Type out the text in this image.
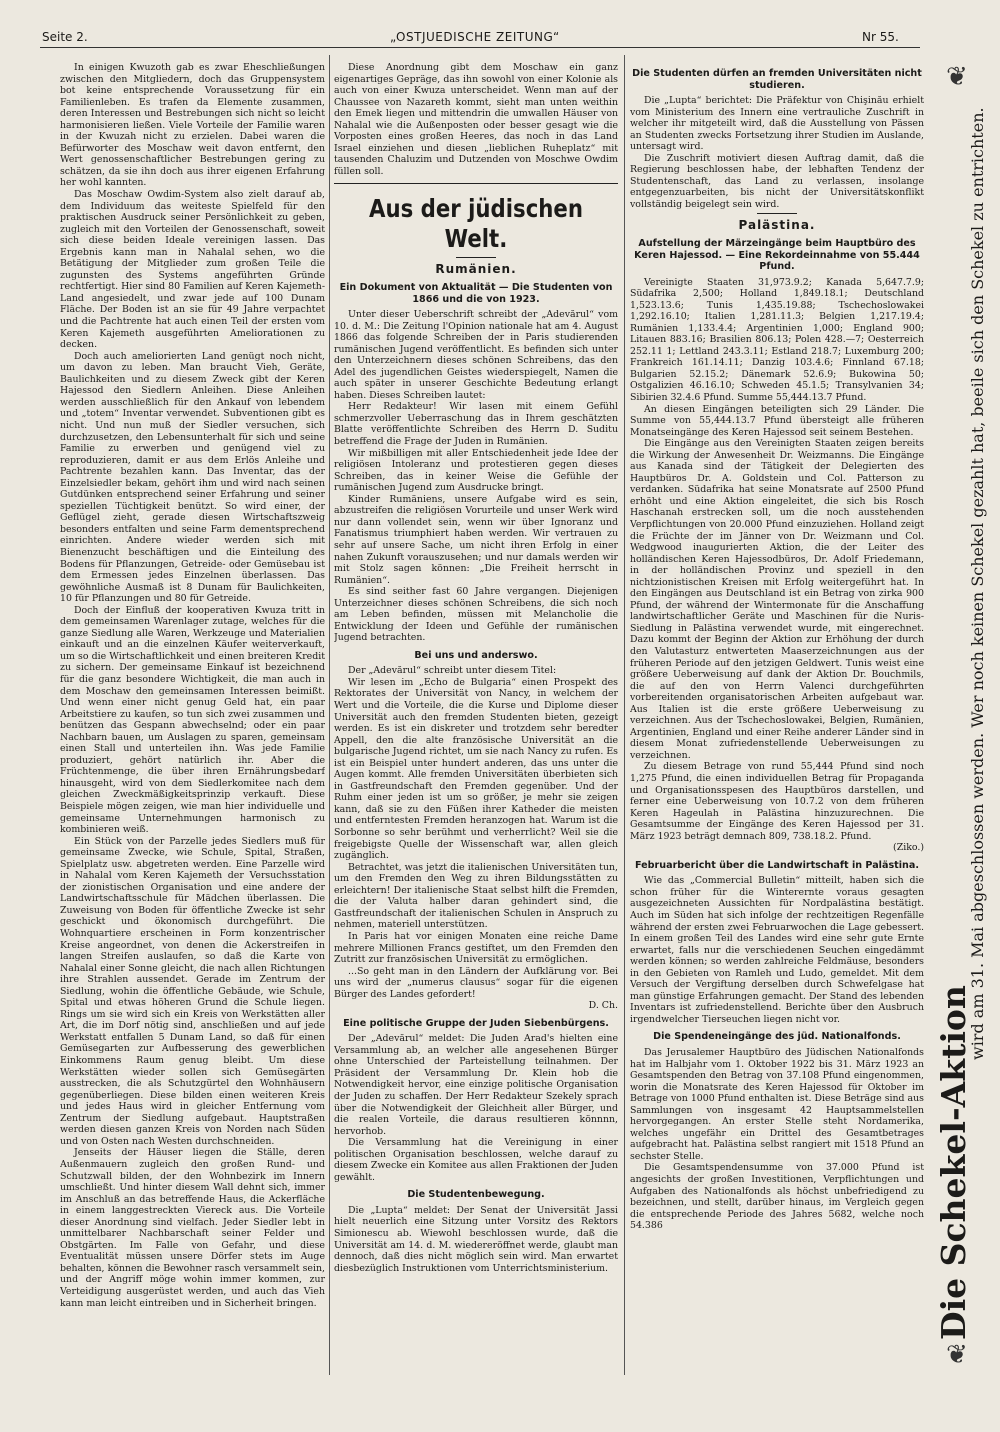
Seite 2.	„OSTJUEDISCHE ZEITUNG“	Nr 55.

In einigen Kwuzoth gab es zwar Eheschließungen zwischen den Mitgliedern, doch das Gruppensystem bot keine entsprechende Voraussetzung für ein Familienleben. Es trafen da Elemente zusammen, deren Interessen und Bestrebungen sich nicht so leicht harmonisieren ließen. Viele Vorteile der Familie waren in der Kwuzah nicht zu erzielen. Dabei waren die Befürworter des Moschaw weit davon entfernt, den Wert genossenschaftlicher Bestrebungen gering zu schätzen, da sie ihn doch aus ihrer eigenen Erfahrung her wohl kannten.

Das Moschaw Owdim-System also zielt darauf ab, dem Individuum das weiteste Spielfeld für den praktischen Ausdruck seiner Persönlichkeit zu geben, zugleich mit den Vorteilen der Genossenschaft, soweit sich diese beiden Ideale vereinigen lassen. Das Ergebnis kann man in Nahalal sehen, wo die Betätigung der Mitglieder zum großen Teile die zugunsten des Systems angeführten Gründe rechtfertigt. Hier sind 80 Familien auf Keren Kajemeth-Land angesiedelt, und zwar jede auf 100 Dunam Fläche. Der Boden ist an sie für 49 Jahre verpachtet und die Pachtrente hat auch einen Teil der ersten vom Keren Kajemeth ausgeführten Ameliorationen zu decken.

Doch auch ameliorierten Land genügt noch nicht, um davon zu leben. Man braucht Vieh, Geräte, Baulichkeiten und zu diesem Zweck gibt der Keren Hajessod den Siedlern Anleihen. Diese Anleihen werden ausschließlich für den Ankauf von lebendem und „totem“ Inventar verwendet. Subventionen gibt es nicht. Und nun muß der Siedler versuchen, sich durchzusetzen, den Lebensunterhalt für sich und seine Familie zu erwerben und genügend viel zu reproduzieren, damit er aus dem Erlös Anleihe und Pachtrente bezahlen kann. Das Inventar, das der Einzelsiedler bekam, gehört ihm und wird nach seinen Gutdünken entsprechend seiner Erfahrung und seiner speziellen Tüchtigkeit benützt. So wird einer, der Geflügel zieht, gerade diesen Wirtschaftszweig besonders entfalten und seine Farm dementsprechend einrichten. Andere wieder werden sich mit Bienenzucht beschäftigen und die Einteilung des Bodens für Pflanzungen, Getreide- oder Gemüsebau ist dem Ermessen jedes Einzelnen überlassen. Das gewöhnliche Ausmaß ist 8 Dunam für Baulichkeiten, 10 für Pflanzungen und 80 für Getreide.

Doch der Einfluß der kooperativen Kwuza tritt in dem gemeinsamen Warenlager zutage, welches für die ganze Siedlung alle Waren, Werkzeuge und Materialien einkauft und an die einzelnen Käufer weiterverkauft, um so die Wirtschaftlichkeit und einen breiteren Kredit zu sichern. Der gemeinsame Einkauf ist bezeichnend für die ganz besondere Wichtigkeit, die man auch in dem Moschaw den gemeinsamen Interessen beimißt. Und wenn einer nicht genug Geld hat, ein paar Arbeitstiere zu kaufen, so tun sich zwei zusammen und benützen das Gespann abwechselnd; oder ein paar Nachbarn bauen, um Auslagen zu sparen, gemeinsam einen Stall und unterteilen ihn. Was jede Familie produziert, gehört natürlich ihr. Aber die Früchtenmenge, die über ihren Ernährungsbedarf hinausgeht, wird von dem Siedlerkomitee nach dem gleichen Zweckmäßigkeitsprinzip verkauft. Diese Beispiele mögen zeigen, wie man hier individuelle und gemeinsame Unternehmungen harmonisch zu kombinieren weiß.

Ein Stück von der Parzelle jedes Siedlers muß für gemeinsame Zwecke, wie Schule, Spital, Straßen, Spielplatz usw. abgetreten werden. Eine Parzelle wird in Nahalal vom Keren Kajemeth der Versuchsstation der zionistischen Organisation und eine andere der Landwirtschaftsschule für Mädchen überlassen. Die Zuweisung von Boden für öffentliche Zwecke ist sehr geschickt und ökonomisch durchgeführt. Die Wohnquartiere erscheinen in Form konzentrischer Kreise angeordnet, von denen die Ackerstreifen in langen Streifen auslaufen, so daß die Karte von Nahalal einer Sonne gleicht, die nach allen Richtungen ihre Strahlen aussendet. Gerade im Zentrum der Siedlung, wohin die öffentliche Gebäude, wie Schule, Spital und etwas höheren Grund die Schule liegen. Rings um sie wird sich ein Kreis von Werkstätten aller Art, die im Dorf nötig sind, anschließen und auf jede Werkstatt entfallen 5 Dunam Land, so daß für einen Gemüsegarten zur Aufbesserung des gewerblichen Einkommens Raum genug bleibt. Um diese Werkstätten wieder sollen sich Gemüsegärten ausstrecken, die als Schutzgürtel den Wohnhäusern gegenüberliegen. Diese bilden einen weiteren Kreis und jedes Haus wird in gleicher Entfernung vom Zentrum der Siedlung aufgebaut. Hauptstraßen werden diesen ganzen Kreis von Norden nach Süden und von Osten nach Westen durchschneiden.

Jenseits der Häuser liegen die Ställe, deren Außenmauern zugleich den großen Rund- und Schutzwall bilden, der den Wohnbezirk im Innern umschließt. Und hinter diesem Wall dehnt sich, immer im Anschluß an das betreffende Haus, die Ackerfläche in einem langgestreckten Viereck aus. Die Vorteile dieser Anordnung sind vielfach. Jeder Siedler lebt in unmittelbarer Nachbarschaft seiner Felder und Obstgärten. Im Falle von Gefahr, und diese Eventualität müssen unsere Dörfer stets im Auge behalten, können die Bewohner rasch versammelt sein, und der Angriff möge wohin immer kommen, zur Verteidigung ausgerüstet werden, und auch das Vieh kann man leicht eintreiben und in Sicherheit bringen.

Diese Anordnung gibt dem Moschaw ein ganz eigenartiges Gepräge, das ihn sowohl von einer Kolonie als auch von einer Kwuza unterscheidet. Wenn man auf der Chaussee von Nazareth kommt, sieht man unten weithin den Emek liegen und mittendrin die umwallen Häuser von Nahalal wie die Außenposten oder besser gesagt wie die Vorposten eines großen Heeres, das noch in das Land Israel einziehen und diesen „lieblichen Ruheplatz“ mit tausenden Chaluzim und Dutzenden von Moschwe Owdim füllen soll.

Aus der jüdischen Welt.
Rumänien.
Ein Dokument von Aktualität — Die Studenten von 1866 und die von 1923.

Unter dieser Ueberschrift schreibt der „Adevărul“ vom 10. d. M.: Die Zeitung l'Opinion nationale hat am 4. August 1866 das folgende Schreiben der in Paris studierenden rumänischen Jugend veröffentlicht. Es befinden sich unter den Unterzeichnern dieses schönen Schreibens, das den Adel des jugendlichen Geistes wiederspiegelt, Namen die auch später in unserer Geschichte Bedeutung erlangt haben. Dieses Schreiben lautet:

Herr Redakteur! Wir lasen mit einem Gefühl schmerzvoller Ueberraschung das in Ihrem geschätzten Blatte veröffentlichte Schreiben des Herrn D. Suditu betreffend die Frage der Juden in Rumänien.

Wir mißbilligen mit aller Entschiedenheit jede Idee der religiösen Intoleranz und protestieren gegen dieses Schreiben, das in keiner Weise die Gefühle der rumänischen Jugend zum Ausdrucke bringt.

Kinder Rumäniens, unsere Aufgabe wird es sein, abzustreifen die religiösen Vorurteile und unser Werk wird nur dann vollendet sein, wenn wir über Ignoranz und Fanatismus triumphiert haben werden. Wir vertrauen zu sehr auf unsere Sache, um nicht ihren Erfolg in einer nahen Zukunft vorauszusehen; und nur damals werden wir mit Stolz sagen können: „Die Freiheit herrscht in Rumänien“.

Es sind seither fast 60 Jahre vergangen. Diejenigen Unterzeichner dieses schönen Schreibens, die sich noch am Leben befinden, müssen mit Melancholie die Entwicklung der Ideen und Gefühle der rumänischen Jugend betrachten.

Bei uns und anderswo.

Der „Adevărul“ schreibt unter diesem Titel:

Wir lesen im „Echo de Bulgaria“ einen Prospekt des Rektorates der Universität von Nancy, in welchem der Wert und die Vorteile, die die Kurse und Diplome dieser Universität auch den fremden Studenten bieten, gezeigt werden. Es ist ein diskreter und trotzdem sehr beredter Appell, den die alte französische Universität an die bulgarische Jugend richtet, um sie nach Nancy zu rufen. Es ist ein Beispiel unter hundert anderen, das uns unter die Augen kommt. Alle fremden Universitäten überbieten sich in Gastfreundschaft den Fremden gegenüber. Und der Ruhm einer jeden ist um so größer, je mehr sie zeigen kann, daß sie zu den Füßen ihrer Katheder die meisten und entferntesten Fremden heranzogen hat. Warum ist die Sorbonne so sehr berühmt und verherrlicht? Weil sie die freigebigste Quelle der Wissenschaft war, allen gleich zugänglich.

Betrachtet, was jetzt die italienischen Universitäten tun, um den Fremden den Weg zu ihren Bildungsstätten zu erleichtern! Der italienische Staat selbst hilft die Fremden, die der Valuta halber daran gehindert sind, die Gastfreundschaft der italienischen Schulen in Anspruch zu nehmen, materiell unterstützen.

In Paris hat vor einigen Monaten eine reiche Dame mehrere Millionen Francs gestiftet, um den Fremden den Zutritt zur französischen Universität zu ermöglichen.

...So geht man in den Ländern der Aufklärung vor. Bei uns wird der „numerus clausus“ sogar für die eigenen Bürger des Landes gefordert!

D. Ch.
Eine politische Gruppe der Juden Siebenbürgens.

Der „Adevărul“ meldet: Die Juden Arad's hielten eine Versammlung ab, an welcher alle angesehenen Bürger ohne Unterschied der Parteistellung teilnahmen. Der Präsident der Versammlung Dr. Klein hob die Notwendigkeit hervor, eine einzige politische Organisation der Juden zu schaffen. Der Herr Redakteur Szekely sprach über die Notwendigkeit der Gleichheit aller Bürger, und die realen Vorteile, die daraus resultieren könnnn, hervorhob.

Die Versammlung hat die Vereinigung in einer politischen Organisation beschlossen, welche darauf zu diesem Zwecke ein Komitee aus allen Fraktionen der Juden gewählt.

Die Studentenbewegung.

Die „Lupta“ meldet: Der Senat der Universität Jassi hielt neuerlich eine Sitzung unter Vorsitz des Rektors Simionescu ab. Wiewohl beschlossen wurde, daß die Universität am 14. d. M. wiedereröffnet werde, glaubt man dennoch, daß dies nicht möglich sein wird. Man erwartet diesbezüglich Instruktionen vom Unterrichtsministerium.

Die Studenten dürfen an fremden Universitäten nicht studieren.

Die „Lupta“ berichtet: Die Präfektur von Chişinău erhielt vom Ministerium des Innern eine vertrauliche Zuschrift in welcher ihr mitgeteilt wird, daß die Ausstellung von Pässen an Studenten zwecks Fortsetzung ihrer Studien im Auslande, untersagt wird.

Die Zuschrift motiviert diesen Auftrag damit, daß die Regierung beschlossen habe, der lebhaften Tendenz der Studentenschaft, das Land zu verlassen, insolange entgegenzuarbeiten, bis nicht der Universitätskonflikt vollständig beigelegt sein wird.

Palästina.
Aufstellung der Märzeingänge beim Hauptbüro des Keren Hajessod. — Eine Rekordeinnahme von 55.444 Pfund.

Vereinigte Staaten 31,973.9.2; Kanada 5,647.7.9; Südafrika 2,500; Holland 1,849.18.1; Deutschland 1,523.13.6; Tunis 1,435.19.88; Tschechoslowakei 1,292.16.10; Italien 1,281.11.3; Belgien 1,217.19.4; Rumänien 1,133.4.4; Argentinien 1,000; England 900; Litauen 883.16; Brasilien 806.13; Polen 428.—7; Oesterreich 252.11 1; Lettland 243.3.11; Estland 218.7; Luxemburg 200; Frankreich 161.14.11; Danzig 103.4.6; Finnland 67.18; Bulgarien 52.15.2; Dänemark 52.6.9; Bukowina 50; Ostgalizien 46.16.10; Schweden 45.1.5; Transylvanien 34; Sibirien 32.4.6 Pfund. Summe 55,444.13.7 Pfund.

An diesen Eingängen beteiligten sich 29 Länder. Die Summe von 55,444.13.7 Pfund übersteigt alle früheren Monatseingänge des Keren Hajessod seit seinem Bestehen.

Die Eingänge aus den Vereinigten Staaten zeigen bereits die Wirkung der Anwesenheit Dr. Weizmanns. Die Eingänge aus Kanada sind der Tätigkeit der Delegierten des Hauptbüros Dr. A. Goldstein und Col. Patterson zu verdanken. Südafrika hat seine Monatsrate auf 2500 Pfund erhöht und eine Aktion eingeleitet, die sich bis Rosch Haschanah erstrecken soll, um die noch ausstehenden Verpflichtungen von 20.000 Pfund einzuziehen. Holland zeigt die Früchte der im Jänner von Dr. Weizmann und Col. Wedgwood inaugurierten Aktion, die der Leiter des holländischen Keren Hajessodbüros, Dr. Adolf Friedemann, in der holländischen Provinz und speziell in den nichtzionistischen Kreisen mit Erfolg weitergeführt hat. In den Eingängen aus Deutschland ist ein Betrag von zirka 900 Pfund, der während der Wintermonate für die Anschaffung landwirtschaftlicher Geräte und Maschinen für die Nuris-Siedlung in Palästina verwendet wurde, mit eingerechnet. Dazu kommt der Beginn der Aktion zur Erhöhung der durch den Valutasturz entwerteten Maaserzeichnungen aus der früheren Periode auf den jetzigen Geldwert. Tunis weist eine größere Ueberweisung auf dank der Aktion Dr. Bouchmils, die auf den von Herrn Valenci durchgeführten vorbereitenden organisatorischen Arbeiten aufgebaut war. Aus Italien ist die erste größere Ueberweisung zu verzeichnen. Aus der Tschechoslowakei, Belgien, Rumänien, Argentinien, England und einer Reihe anderer Länder sind in diesem Monat zufriedenstellende Ueberweisungen zu verzeichnen.

Zu diesem Betrage von rund 55,444 Pfund sind noch 1,275 Pfund, die einen individuellen Betrag für Propaganda und Organisationsspesen des Hauptbüros darstellen, und ferner eine Ueberweisung von 10.7.2 von dem früheren Keren Hageulah in Palästina hinzuzurechnen. Die Gesamtsumme der Eingänge des Keren Hajessod per 31. März 1923 beträgt demnach 809, 738.18.2. Pfund.

(Ziko.)
Februarbericht über die Landwirtschaft in Palästina.

Wie das „Commercial Bulletin“ mitteilt, haben sich die schon früher für die Winterernte voraus gesagten ausgezeichneten Aussichten für Nordpalästina bestätigt. Auch im Süden hat sich infolge der rechtzeitigen Regenfälle während der ersten zwei Februarwochen die Lage gebessert. In einem großen Teil des Landes wird eine sehr gute Ernte erwartet, falls nur die verschiedenen Seuchen eingedämmt werden können; so werden zahlreiche Feldmäuse, besonders in den Gebieten von Ramleh und Ludo, gemeldet. Mit dem Versuch der Vergiftung derselben durch Schwefelgase hat man günstige Erfahrungen gemacht. Der Stand des lebenden Inventars ist zufriedenstellend. Berichte über den Ausbruch irgendwelcher Tierseuchen liegen nicht vor.

Die Spendeneingänge des jüd. Nationalfonds.

Das Jerusalemer Hauptbüro des Jüdischen Nationalfonds hat im Halbjahr vom 1. Oktober 1922 bis 31. März 1923 an Gesamtspenden den Betrag von 37.108 Pfund eingenommen, worin die Monatsrate des Keren Hajessod für Oktober im Betrage von 1000 Pfund enthalten ist. Diese Beträge sind aus Sammlungen von insgesamt 42 Hauptsammelstellen hervorgegangen. An erster Stelle steht Nordamerika, welches ungefähr ein Drittel des Gesamtbetrages aufgebracht hat. Palästina selbst rangiert mit 1518 Pfund an sechster Stelle.

Die Gesamtspendensumme von 37.000 Pfund ist angesichts der großen Investitionen, Verpflichtungen und Aufgaben des Nationalfonds als höchst unbefriedigend zu bezeichnen, und stellt, darüber hinaus, im Vergleich gegen die entsprechende Periode des Jahres 5682, welche noch 54.386	Die Schekel-Aktion
wird am 31. Mai abgeschlossen werden. Wer noch keinen Schekel gezahlt hat, beeile sich den Schekel zu entrichten.
❦
❦
